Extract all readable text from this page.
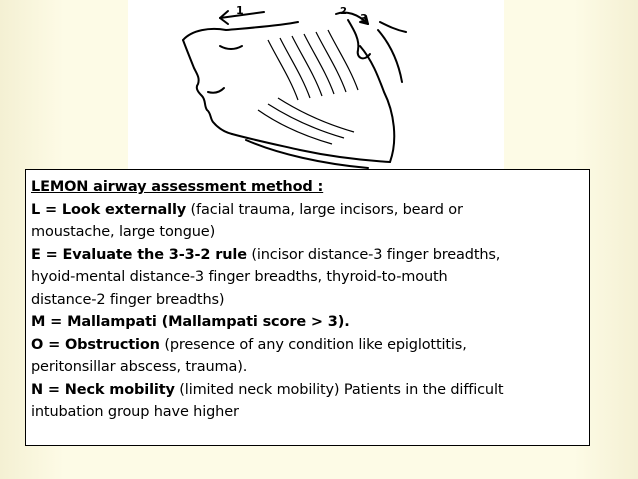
1	2
3
LEMON airway assessment method :
L = Look externally (facial trauma, large incisors, beard or
moustache, large tongue)
E = Evaluate the 3-3-2 rule (incisor distance-3 finger breadths,
hyoid-mental distance-3 finger breadths, thyroid-to-mouth
distance-2 finger breadths)
M = Mallampati (Mallampati score > 3).
O = Obstruction (presence of any condition like epiglottitis,
peritonsillar abscess, trauma).
N = Neck mobility (limited neck mobility) Patients in the difficult
intubation group have higher
